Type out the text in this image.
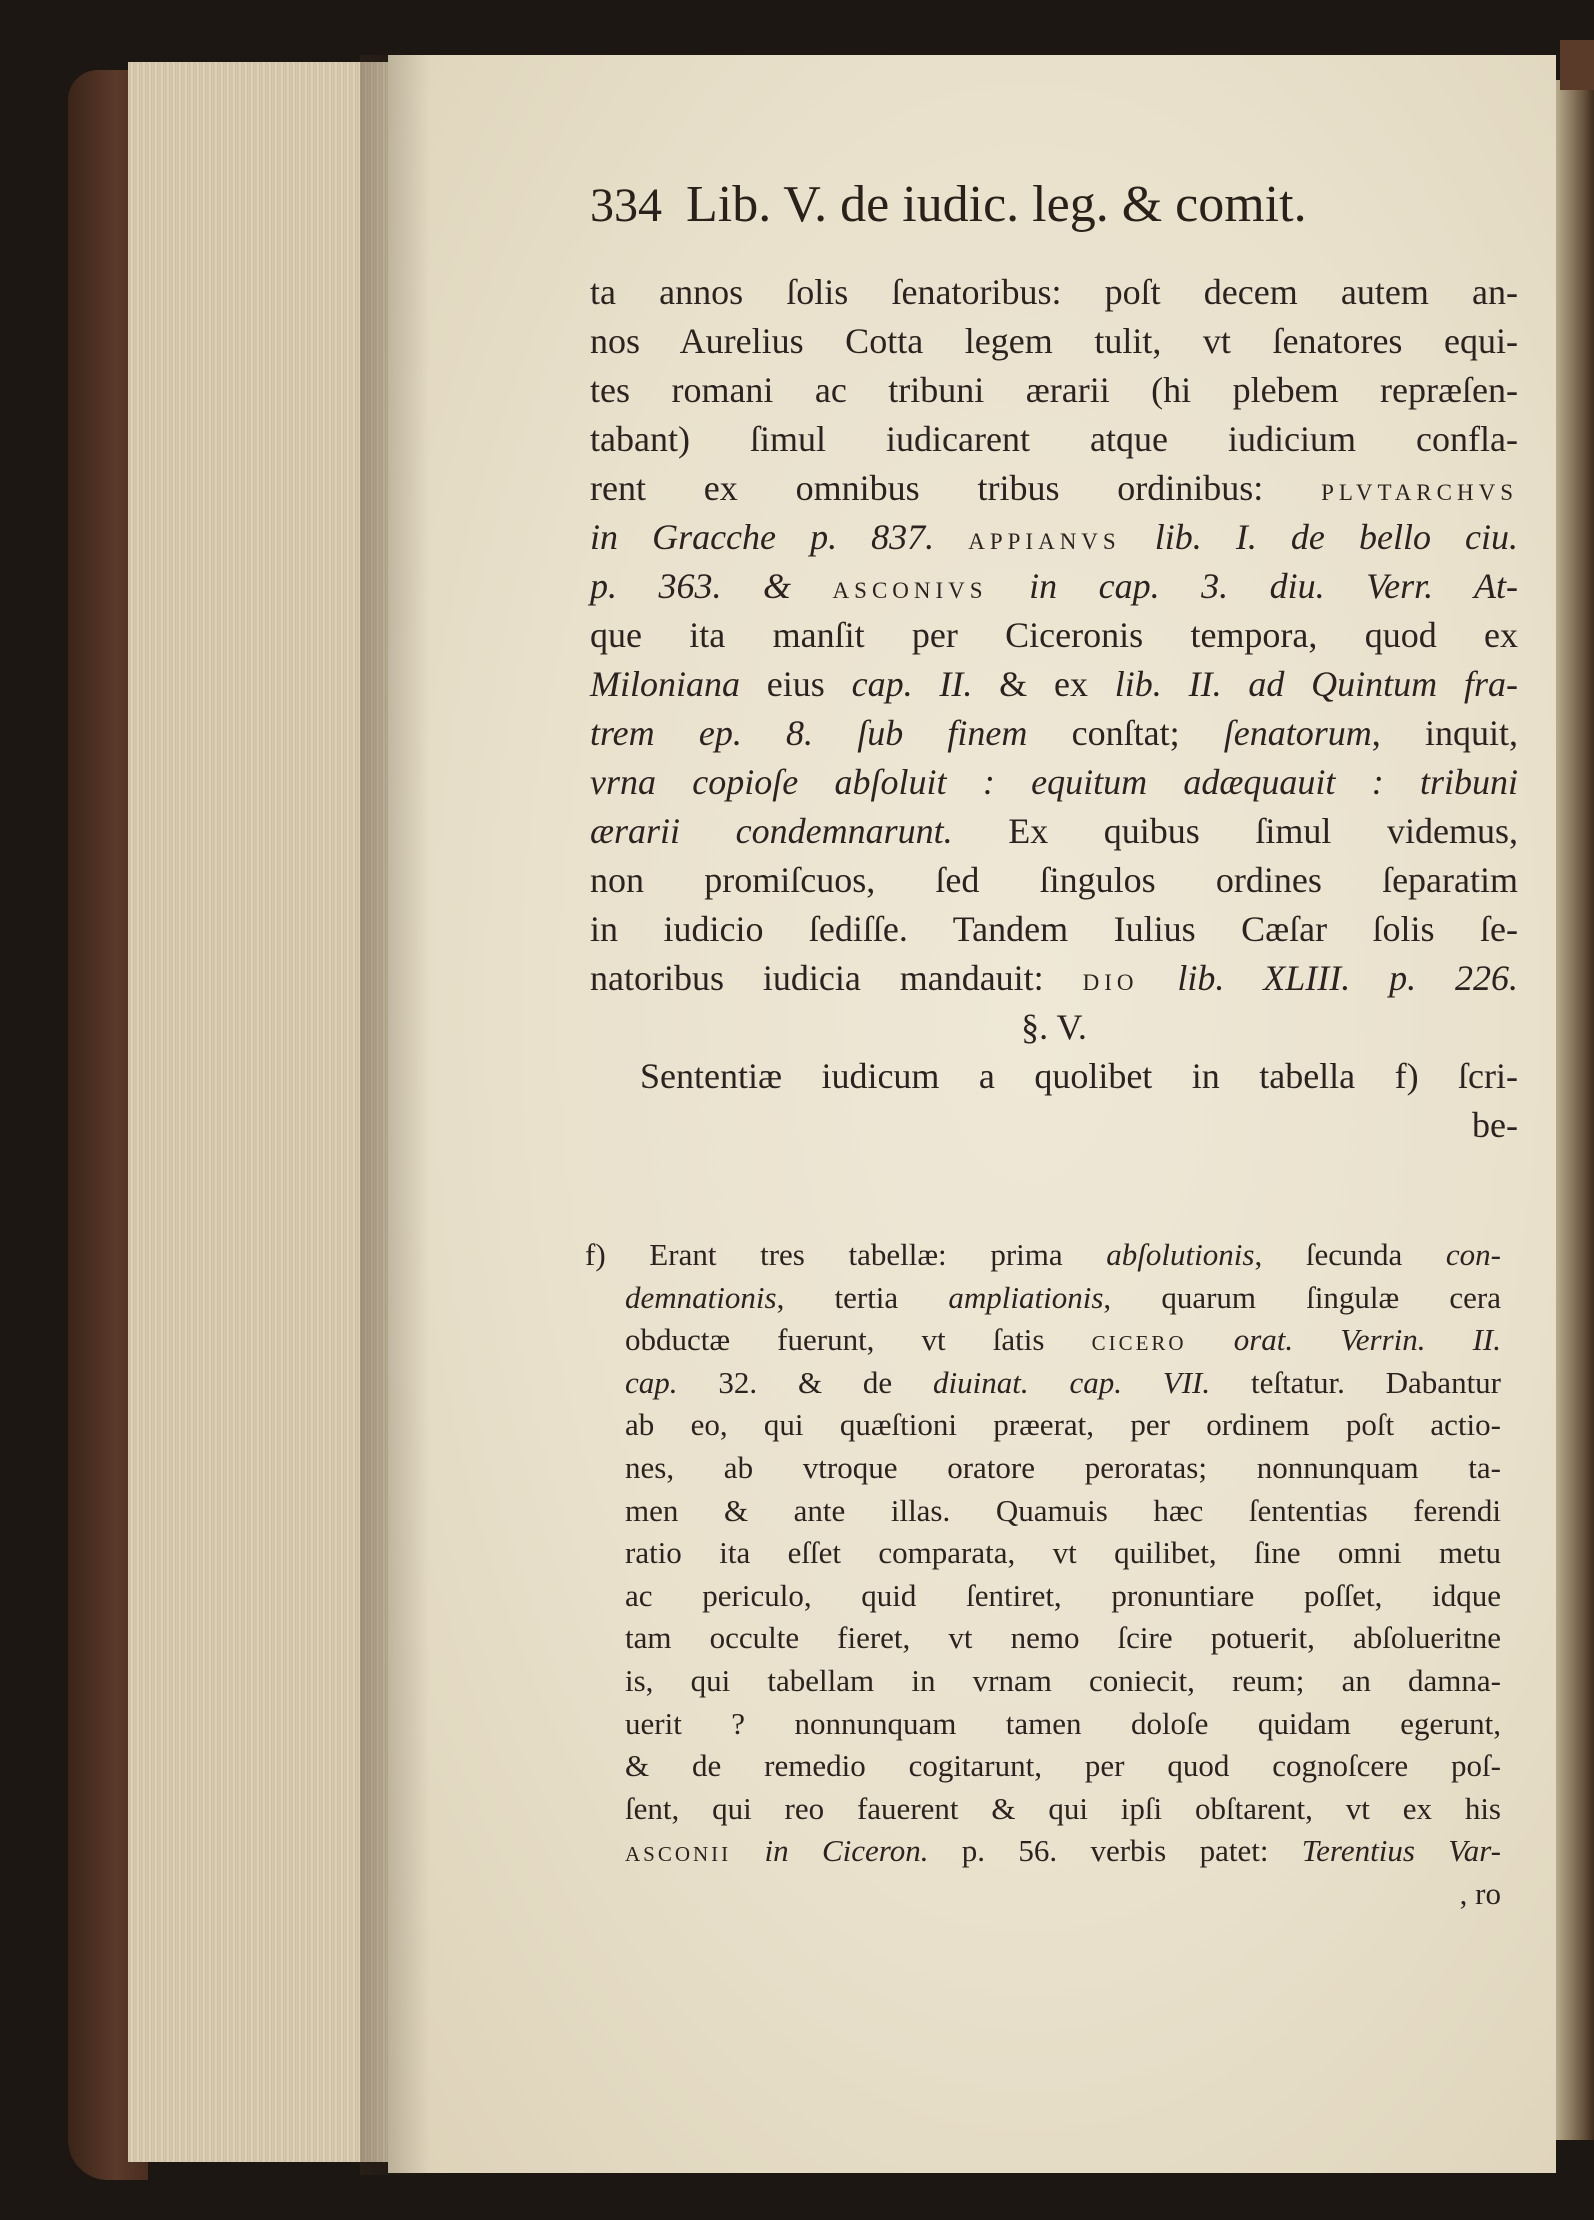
334 Lib. V. de iudic. leg. & comit.
ta annos ſolis ſenatoribus: poſt decem autem an-
nos Aurelius Cotta legem tulit, vt ſenatores equi-
tes romani ac tribuni ærarii (hi plebem repræſen-
tabant) ſimul iudicarent atque iudicium confla-
rent ex omnibus tribus ordinibus: PLVTARCHVS
in Gracche p. 837. APPIANVS lib. I. de bello ciu.
p. 363. & ASCONIVS in cap. 3. diu. Verr. At-
que ita manſit per Ciceronis tempora, quod ex
Miloniana eius cap. II. & ex lib. II. ad Quintum fra-
trem ep. 8. ſub finem conſtat; ſenatorum, inquit,
vrna copioſe abſoluit : equitum adæquauit : tribuni
ærarii condemnarunt. Ex quibus ſimul videmus,
non promiſcuos, ſed ſingulos ordines ſeparatim
in iudicio ſediſſe. Tandem Iulius Cæſar ſolis ſe-
natoribus iudicia mandauit: DIO lib. XLIII. p. 226.
§. V.
Sententiæ iudicum a quolibet in tabella f) ſcri-
be-
f) Erant tres tabellæ: prima abſolutionis, ſecunda con-
demnationis, tertia ampliationis, quarum ſingulæ cera
obductæ fuerunt, vt ſatis CICERO orat. Verrin. II.
cap. 32. & de diuinat. cap. VII. teſtatur. Dabantur
ab eo, qui quæſtioni præerat, per ordinem poſt actio-
nes, ab vtroque oratore peroratas; nonnunquam ta-
men & ante illas. Quamuis hæc ſententias ferendi
ratio ita eſſet comparata, vt quilibet, ſine omni metu
ac periculo, quid ſentiret, pronuntiare poſſet, idque
tam occulte fieret, vt nemo ſcire potuerit, abſolueritne
is, qui tabellam in vrnam coniecit, reum; an damna-
uerit ? nonnunquam tamen doloſe quidam egerunt,
& de remedio cogitarunt, per quod cognoſcere poſ-
ſent, qui reo fauerent & qui ipſi obſtarent, vt ex his
ASCONII in Ciceron. p. 56. verbis patet: Terentius Var-
, ro
